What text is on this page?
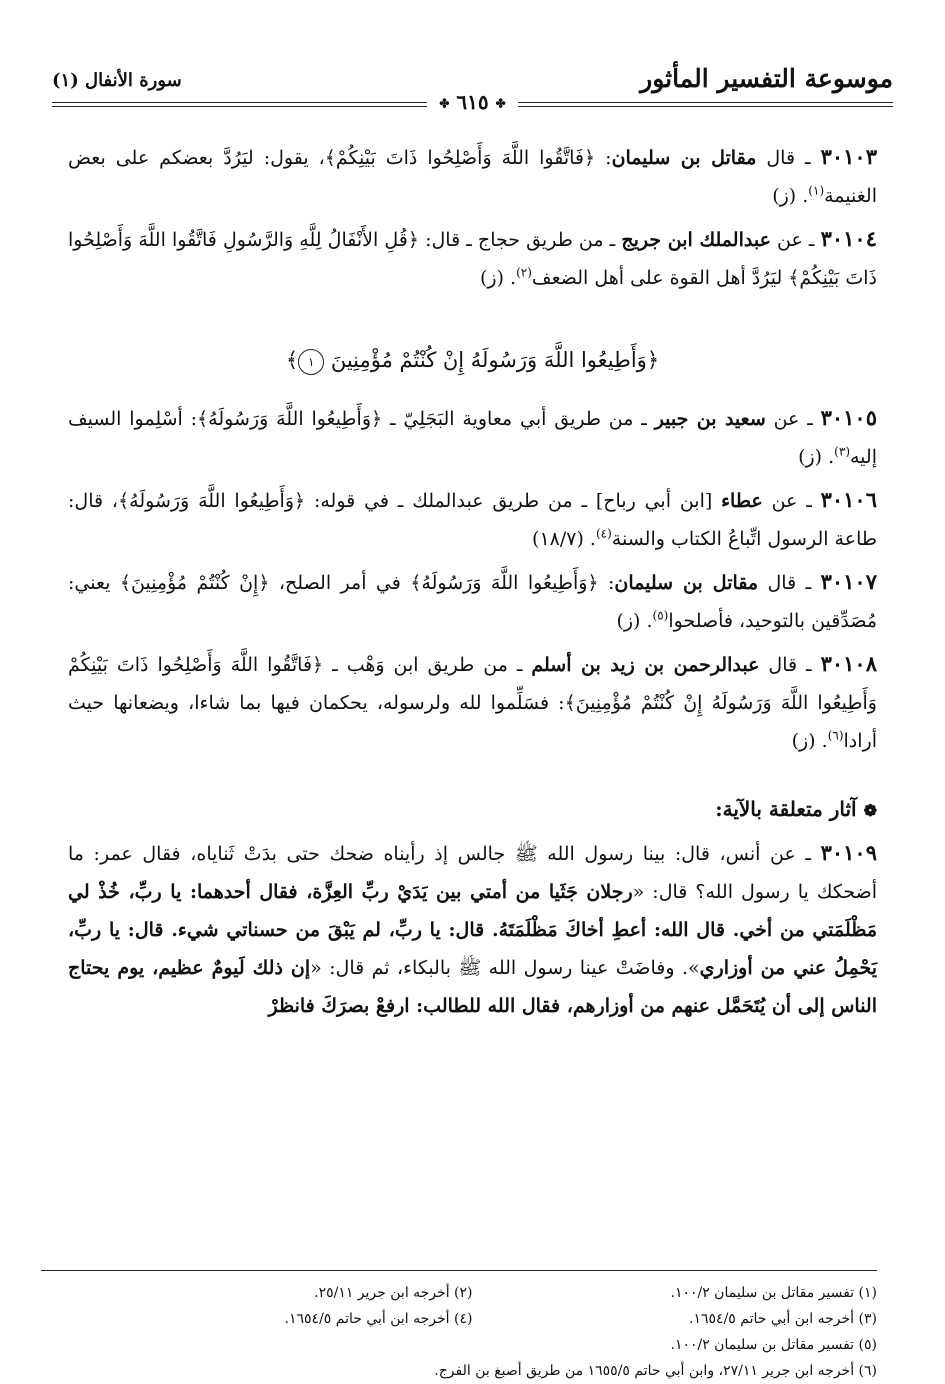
موسوعة التفسير المأثور
سورة الأنفال (١)
✤ ٦١٥ ✤

٣٠١٠٣ ـ قال مقاتل بن سليمان: ﴿فَاتَّقُوا اللَّهَ وَأَصْلِحُوا ذَاتَ بَيْنِكُمْ﴾، يقول: ليَرُدَّ بعضكم على بعض الغنيمة$^{(١)}$. (ز)

٣٠١٠٤ ـ عن عبدالملك ابن جريج ـ من طريق حجاج ـ قال: ﴿قُلِ الأَنْفَالُ لِلَّهِ وَالرَّسُولِ فَاتَّقُوا اللَّهَ وَأَصْلِحُوا ذَاتَ بَيْنِكُمْ﴾ ليَرُدَّ أهل القوة على أهل الضعف$^{(٢)}$. (ز)

﴿وَأَطِيعُوا اللَّهَ وَرَسُولَهُ إِنْ كُنْتُمْ مُؤْمِنِينَ ١﴾

٣٠١٠٥ ـ عن سعيد بن جبير ـ من طريق أبي معاوية البَجَلِيّ ـ ﴿وَأَطِيعُوا اللَّهَ وَرَسُولَهُ﴾: أسْلِموا السيف إليه$^{(٣)}$. (ز)

٣٠١٠٦ ـ عن عطاء [ابن أبي رباح] ـ من طريق عبدالملك ـ في قوله: ﴿وَأَطِيعُوا اللَّهَ وَرَسُولَهُ﴾، قال: طاعة الرسول اتِّباعُ الكتاب والسنة$^{(٤)}$. (١٨/٧)

٣٠١٠٧ ـ قال مقاتل بن سليمان: ﴿وَأَطِيعُوا اللَّهَ وَرَسُولَهُ﴾ في أمر الصلح، ﴿إِنْ كُنْتُمْ مُؤْمِنِينَ﴾ يعني: مُصَدِّقين بالتوحيد، فأصلحوا$^{(٥)}$. (ز)

٣٠١٠٨ ـ قال عبدالرحمن بن زيد بن أسلم ـ من طريق ابن وَهْب ـ ﴿فَاتَّقُوا اللَّهَ وَأَصْلِحُوا ذَاتَ بَيْنِكُمْ وَأَطِيعُوا اللَّهَ وَرَسُولَهُ إِنْ كُنْتُمْ مُؤْمِنِينَ﴾: فسَلِّموا لله ولرسوله، يحكمان فيها بما شاءا، ويضعانها حيث أرادا$^{(٦)}$. (ز)

❁ آثار متعلقة بالآية:

٣٠١٠٩ ـ عن أنس، قال: بينا رسول الله ﷺ جالس إذ رأيناه ضحك حتى بدَتْ ثَناياه، فقال عمر: ما أضحكك يا رسول الله؟ قال: «رجلان جَثَيا من أمتي بين يَدَيْ ربِّ العِزَّة، فقال أحدهما: يا ربِّ، خُذْ لي مَظْلَمَتي من أخي. قال الله: أعطِ أخاكَ مَظْلَمَتَهُ. قال: يا ربِّ، لم يَبْقَ من حسناتي شيء. قال: يا ربِّ، يَحْمِلُ عني من أوزاري». وفاضَتْ عينا رسول الله ﷺ بالبكاء، ثم قال: «إن ذلك لَيومٌ عظيم، يوم يحتاج الناس إلى أن يُتَحَمَّل عنهم من أوزارهم، فقال الله للطالب: ارفعْ بصرَكَ فانظرْ

(١) تفسير مقاتل بن سليمان ١٠٠/٢.
(٢) أخرجه ابن جرير ٢٥/١١.
(٣) أخرجه ابن أبي حاتم ١٦٥٤/٥.
(٤) أخرجه ابن أبي حاتم ١٦٥٤/٥.
(٥) تفسير مقاتل بن سليمان ١٠٠/٢.
(٦) أخرجه ابن جرير ٢٧/١١، وابن أبي حاتم ١٦٥٥/٥ من طريق أصبغ بن الفرج.
